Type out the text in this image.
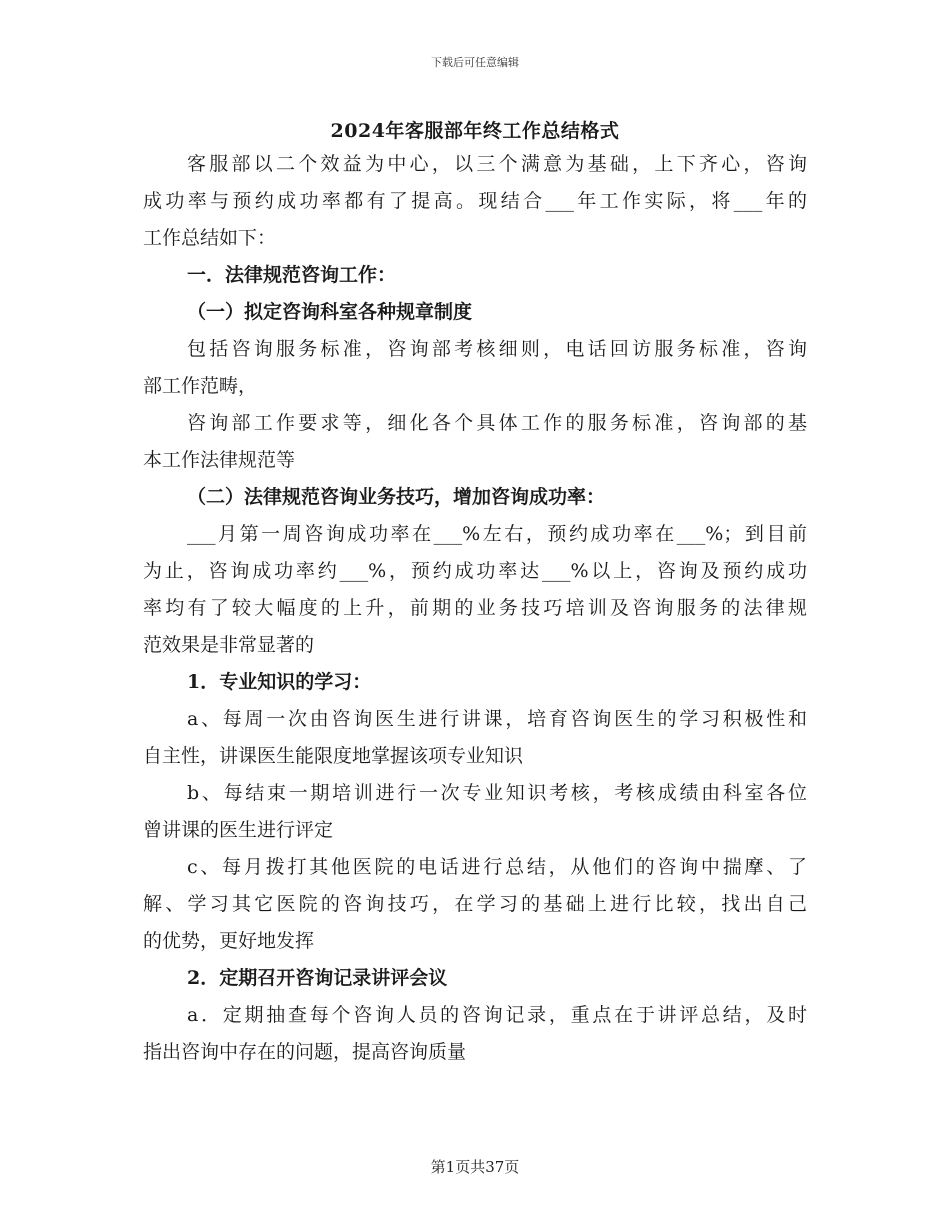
下载后可任意编辑
2024年客服部年终工作总结格式
客服部以二个效益为中心，以三个满意为基础，上下齐心，咨询
成功率与预约成功率都有了提高。现结合___年工作实际，将___年的
工作总结如下：
一．法律规范咨询工作：
（一）拟定咨询科室各种规章制度
包括咨询服务标准，咨询部考核细则，电话回访服务标准，咨询
部工作范畴，
咨询部工作要求等，细化各个具体工作的服务标准，咨询部的基
本工作法律规范等
（二）法律规范咨询业务技巧，增加咨询成功率：
___月第一周咨询成功率在___%左右，预约成功率在___%；到目前
为止，咨询成功率约___%，预约成功率达___%以上，咨询及预约成功
率均有了较大幅度的上升，前期的业务技巧培训及咨询服务的法律规
范效果是非常显著的
1．专业知识的学习：
a、每周一次由咨询医生进行讲课，培育咨询医生的学习积极性和
自主性，讲课医生能限度地掌握该项专业知识
b、每结束一期培训进行一次专业知识考核，考核成绩由科室各位
曾讲课的医生进行评定
c、每月拨打其他医院的电话进行总结，从他们的咨询中揣摩、了
解、学习其它医院的咨询技巧，在学习的基础上进行比较，找出自己
的优势，更好地发挥
2．定期召开咨询记录讲评会议
a．定期抽查每个咨询人员的咨询记录，重点在于讲评总结，及时
指出咨询中存在的问题，提高咨询质量
第1页共37页
